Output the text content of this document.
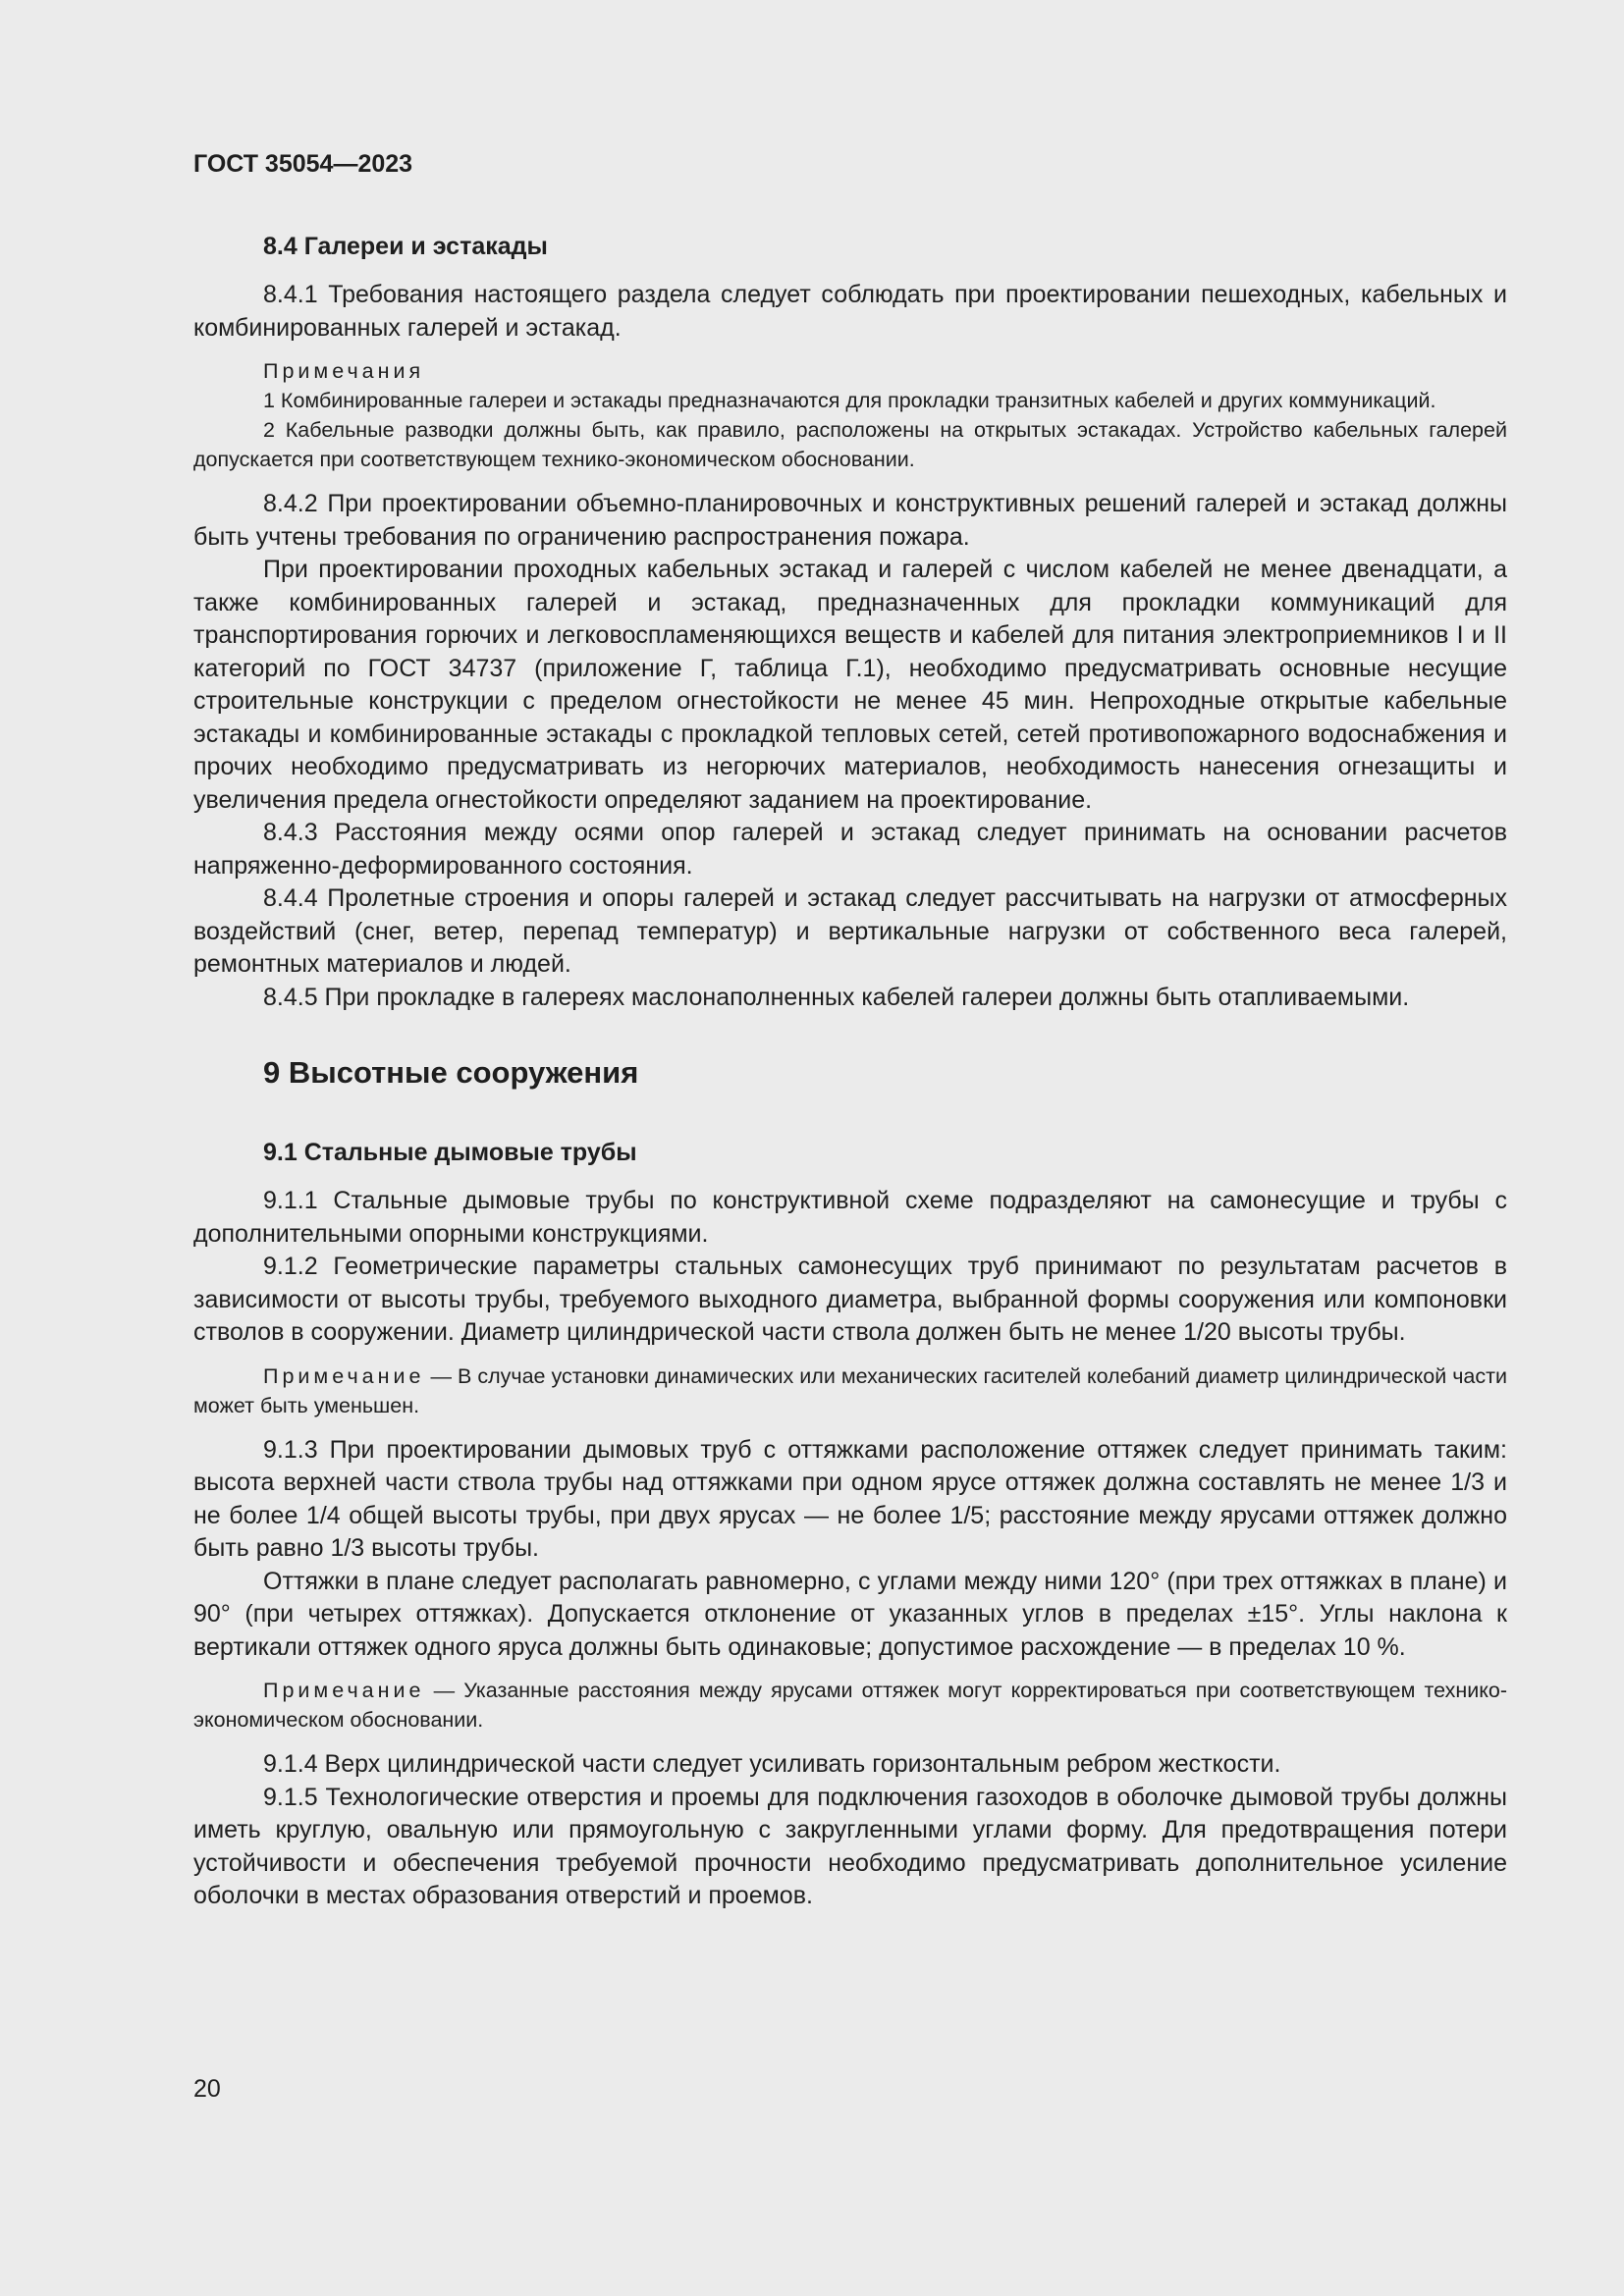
ГОСТ 35054—2023
8.4 Галереи и эстакады

8.4.1 Требования настоящего раздела следует соблюдать при проектировании пешеходных, кабельных и комбинированных галерей и эстакад.

Примечания

1 Комбинированные галереи и эстакады предназначаются для прокладки транзитных кабелей и других коммуникаций.

2 Кабельные разводки должны быть, как правило, расположены на открытых эстакадах. Устройство кабельных галерей допускается при соответствующем технико-экономическом обосновании.

8.4.2 При проектировании объемно-планировочных и конструктивных решений галерей и эстакад должны быть учтены требования по ограничению распространения пожара.

При проектировании проходных кабельных эстакад и галерей с числом кабелей не менее двенадцати, а также комбинированных галерей и эстакад, предназначенных для прокладки коммуникаций для транспортирования горючих и легковоспламеняющихся веществ и кабелей для питания электроприемников I и II категорий по ГОСТ 34737 (приложение Г, таблица Г.1), необходимо предусматривать основные несущие строительные конструкции с пределом огнестойкости не менее 45 мин. Непроходные открытые кабельные эстакады и комбинированные эстакады с прокладкой тепловых сетей, сетей противопожарного водоснабжения и прочих необходимо предусматривать из негорючих материалов, необходимость нанесения огнезащиты и увеличения предела огнестойкости определяют заданием на проектирование.

8.4.3 Расстояния между осями опор галерей и эстакад следует принимать на основании расчетов напряженно-деформированного состояния.

8.4.4 Пролетные строения и опоры галерей и эстакад следует рассчитывать на нагрузки от атмосферных воздействий (снег, ветер, перепад температур) и вертикальные нагрузки от собственного веса галерей, ремонтных материалов и людей.

8.4.5 При прокладке в галереях маслонаполненных кабелей галереи должны быть отапливаемыми.

9 Высотные сооружения
9.1 Стальные дымовые трубы

9.1.1 Стальные дымовые трубы по конструктивной схеме подразделяют на самонесущие и трубы с дополнительными опорными конструкциями.

9.1.2 Геометрические параметры стальных самонесущих труб принимают по результатам расчетов в зависимости от высоты трубы, требуемого выходного диаметра, выбранной формы сооружения или компоновки стволов в сооружении. Диаметр цилиндрической части ствола должен быть не менее 1/20 высоты трубы.

Примечание — В случае установки динамических или механических гасителей колебаний диаметр цилиндрической части может быть уменьшен.

9.1.3 При проектировании дымовых труб с оттяжками расположение оттяжек следует принимать таким: высота верхней части ствола трубы над оттяжками при одном ярусе оттяжек должна составлять не менее 1/3 и не более 1/4 общей высоты трубы, при двух ярусах — не более 1/5; расстояние между ярусами оттяжек должно быть равно 1/3 высоты трубы.

Оттяжки в плане следует располагать равномерно, с углами между ними 120° (при трех оттяжках в плане) и 90° (при четырех оттяжках). Допускается отклонение от указанных углов в пределах ±15°. Углы наклона к вертикали оттяжек одного яруса должны быть одинаковые; допустимое расхождение — в пределах 10 %.

Примечание — Указанные расстояния между ярусами оттяжек могут корректироваться при соответствующем технико-экономическом обосновании.

9.1.4 Верх цилиндрической части следует усиливать горизонтальным ребром жесткости.

9.1.5 Технологические отверстия и проемы для подключения газоходов в оболочке дымовой трубы должны иметь круглую, овальную или прямоугольную с закругленными углами форму. Для предотвращения потери устойчивости и обеспечения требуемой прочности необходимо предусматривать дополнительное усиление оболочки в местах образования отверстий и проемов.

20
